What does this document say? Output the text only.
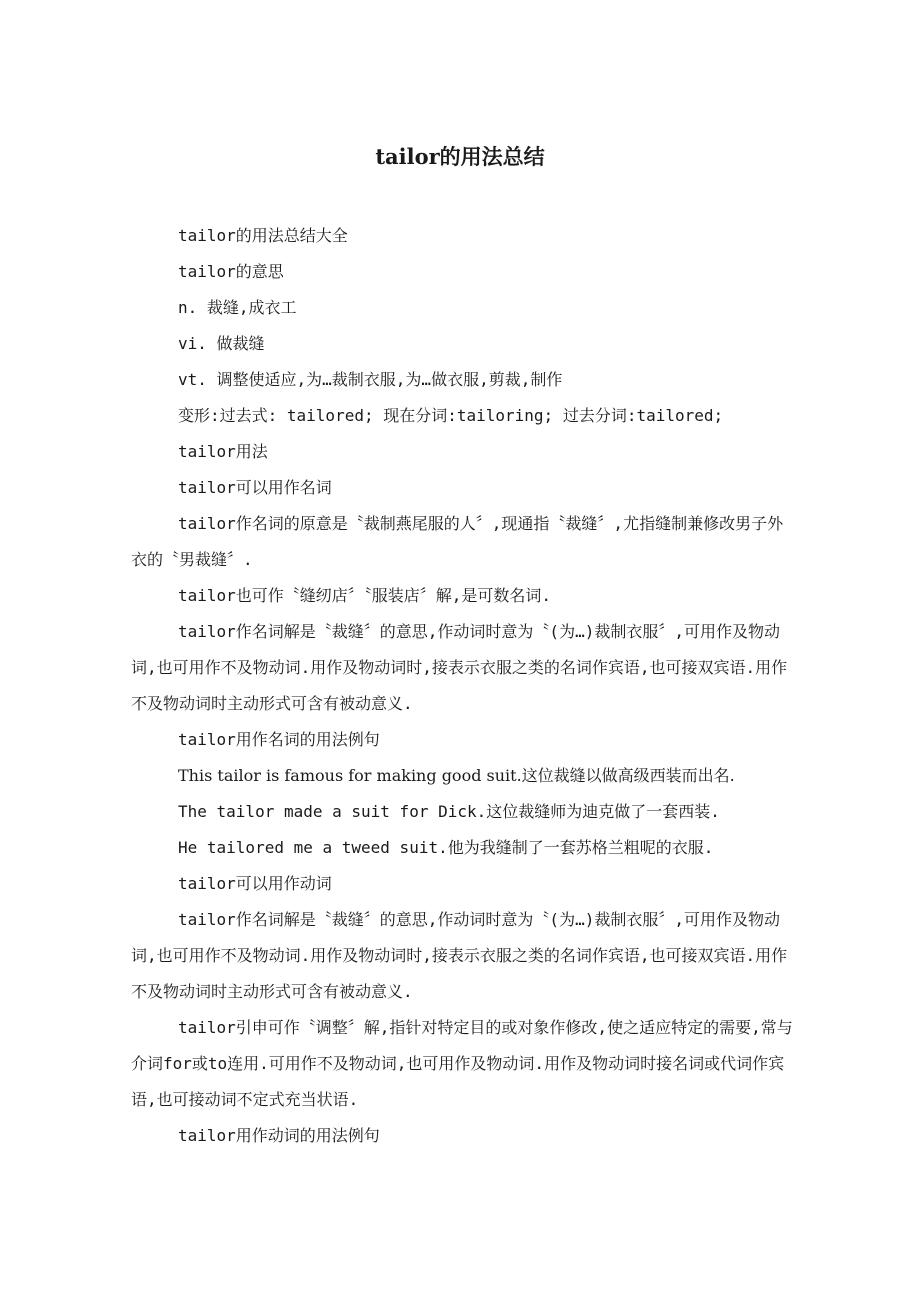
tailor的用法总结

tailor的用法总结大全

tailor的意思

n. 裁缝,成衣工

vi. 做裁缝

vt. 调整使适应,为…裁制衣服,为…做衣服,剪裁,制作

变形:过去式: tailored; 现在分词:tailoring; 过去分词:tailored;

tailor用法

tailor可以用作名词

tailor作名词的原意是〝裁制燕尾服的人〞,现通指〝裁缝〞,尤指缝制兼修改男子外衣的〝男裁缝〞.

tailor也可作〝缝纫店〞〝服装店〞解,是可数名词.

tailor作名词解是〝裁缝〞的意思,作动词时意为〝(为…)裁制衣服〞,可用作及物动词,也可用作不及物动词.用作及物动词时,接表示衣服之类的名词作宾语,也可接双宾语.用作不及物动词时主动形式可含有被动意义.

tailor用作名词的用法例句

This tailor is famous for making good suit.这位裁缝以做高级西装而出名.

The tailor made a suit for Dick.这位裁缝师为迪克做了一套西装.

He tailored me a tweed suit.他为我缝制了一套苏格兰粗呢的衣服.

tailor可以用作动词

tailor作名词解是〝裁缝〞的意思,作动词时意为〝(为…)裁制衣服〞,可用作及物动词,也可用作不及物动词.用作及物动词时,接表示衣服之类的名词作宾语,也可接双宾语.用作不及物动词时主动形式可含有被动意义.

tailor引申可作〝调整〞解,指针对特定目的或对象作修改,使之适应特定的需要,常与介词for或to连用.可用作不及物动词,也可用作及物动词.用作及物动词时接名词或代词作宾语,也可接动词不定式充当状语.

tailor用作动词的用法例句
